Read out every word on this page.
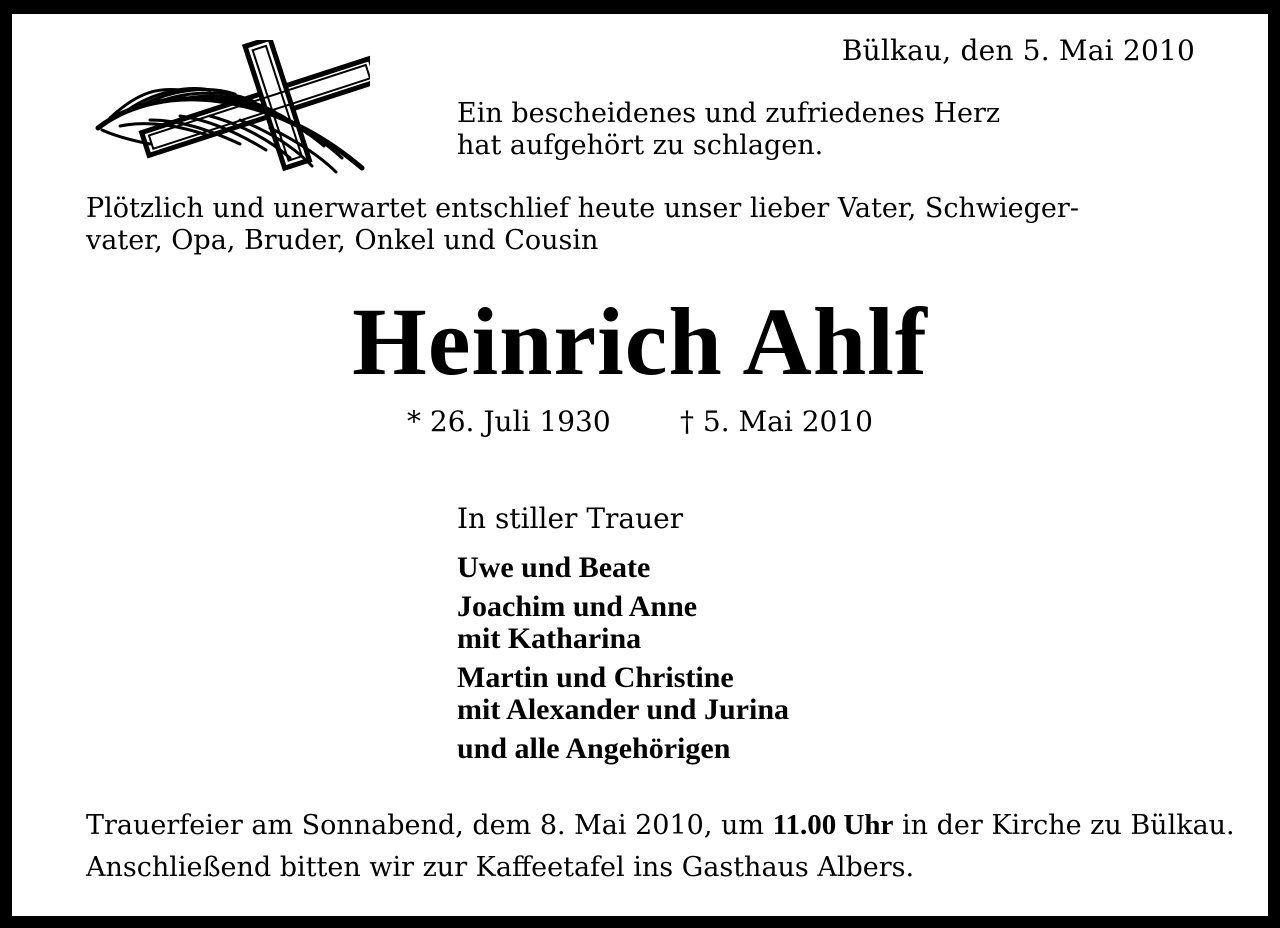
Bülkau, den 5. Mai 2010
Ein bescheidenes und zufriedenes Herz
hat aufgehört zu schlagen.
Plötzlich und unerwartet entschlief heute unser lieber Vater, Schwieger-
vater, Opa, Bruder, Onkel und Cousin
Heinrich Ahlf
* 26. Juli 1930 † 5. Mai 2010
In stiller Trauer
Uwe und Beate
Joachim und Anne
mit Katharina
Martin und Christine
mit Alexander und Jurina
und alle Angehörigen
Trauerfeier am Sonnabend, dem 8. Mai 2010, um 11.00 Uhr in der Kirche zu Bülkau.
Anschließend bitten wir zur Kaffeetafel ins Gasthaus Albers.
